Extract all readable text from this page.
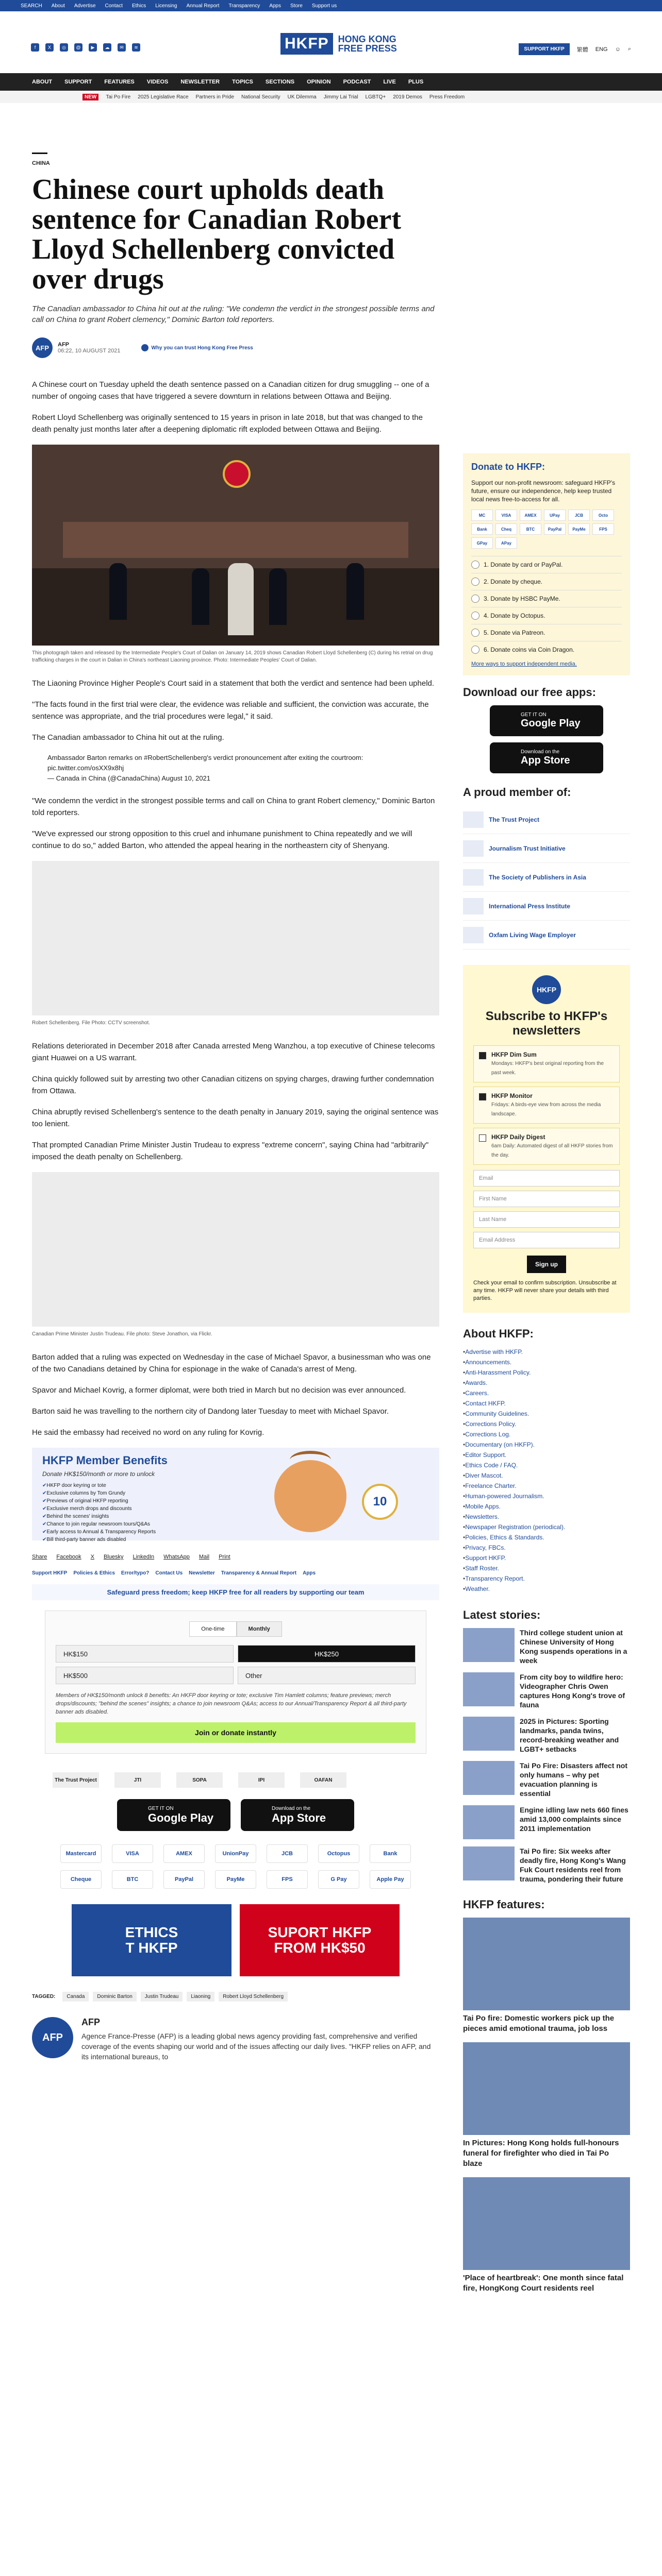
SEARCH About Advertise Contact Ethics Licensing Annual Report Transparency Apps Store Support us
f	X	◎	@	▶	☁	✉	≋	HKFP	HONG KONG
FREE PRESS	SUPPORT HKFP	繁體 ENG ☺ ⌕
ABOUT SUPPORT FEATURES VIDEOS NEWSLETTER TOPICS SECTIONS OPINION PODCAST LIVE PLUS
NEW	Tai Po Fire 2025 Legislative Race Partners in Pride National Security UK Dilemma Jimmy Lai Trial LGBTQ+ 2019 Demos Press Freedom
CHINA
Chinese court upholds death sentence for Canadian Robert Lloyd Schellenberg convicted over drugs
The Canadian ambassador to China hit out at the ruling: "We condemn the verdict in the strongest possible terms and call on China to grant Robert clemency," Dominic Barton told reporters.
AFP	AFP
06:22, 10 AUGUST 2021	Why you can trust Hong Kong Free Press

A Chinese court on Tuesday upheld the death sentence passed on a Canadian citizen for drug smuggling -- one of a number of ongoing cases that have triggered a severe downturn in relations between Ottawa and Beijing.

Robert Lloyd Schellenberg was originally sentenced to 15 years in prison in late 2018, but that was changed to the death penalty just months later after a deepening diplomatic rift exploded between Ottawa and Beijing.

This photograph taken and released by the Intermediate People's Court of Dalian on January 14, 2019 shows Canadian Robert Lloyd Schellenberg (C) during his retrial on drug trafficking charges in the court in Dalian in China's northeast Liaoning province. Photo: Intermediate Peoples' Court of Dalian.

The Liaoning Province Higher People's Court said in a statement that both the verdict and sentence had been upheld.

"The facts found in the first trial were clear, the evidence was reliable and sufficient, the conviction was accurate, the sentence was appropriate, and the trial procedures were legal," it said.

The Canadian ambassador to China hit out at the ruling.

Ambassador Barton remarks on #RobertSchellenberg's verdict pronouncement after exiting the courtroom: pic.twitter.com/osXX9x8hj
— Canada in China (@CanadaChina) August 10, 2021

"We condemn the verdict in the strongest possible terms and call on China to grant Robert clemency," Dominic Barton told reporters.

"We've expressed our strong opposition to this cruel and inhumane punishment to China repeatedly and we will continue to do so," added Barton, who attended the appeal hearing in the northeastern city of Shenyang.

Robert Schellenberg. File Photo: CCTV screenshot.

Relations deteriorated in December 2018 after Canada arrested Meng Wanzhou, a top executive of Chinese telecoms giant Huawei on a US warrant.

China quickly followed suit by arresting two other Canadian citizens on spying charges, drawing further condemnation from Ottawa.

China abruptly revised Schellenberg's sentence to the death penalty in January 2019, saying the original sentence was too lenient.

That prompted Canadian Prime Minister Justin Trudeau to express "extreme concern", saying China had "arbitrarily" imposed the death penalty on Schellenberg.

Canadian Prime Minister Justin Trudeau. File photo: Steve Jonathon, via Flickr.

Barton added that a ruling was expected on Wednesday in the case of Michael Spavor, a businessman who was one of the two Canadians detained by China for espionage in the wake of Canada's arrest of Meng.

Spavor and Michael Kovrig, a former diplomat, were both tried in March but no decision was ever announced.

Barton said he was travelling to the northern city of Dandong later Tuesday to meet with Michael Spavor.

He said the embassy had received no word on any ruling for Kovrig.

HKFP Member Benefits
Donate HK$150/month or more to unlock
✔ HKFP door keyring or tote
✔ Exclusive columns by Tom Grundy
✔ Previews of original HKFP reporting
✔ Exclusive merch drops and discounts
✔ Behind the scenes' insights
✔ Chance to join regular newsroom tours/Q&As
✔ Early access to Annual & Transparency Reports
✔ Bill third-party banner ads disabled
10
Share Facebook X Bluesky LinkedIn WhatsApp Mail Print
Support HKFP Policies & Ethics Error/typo? Contact Us Newsletter Transparency & Annual Report Apps
Safeguard press freedom; keep HKFP free for all readers by supporting our team
One-time	Monthly
HK$150	HK$250
HK$500	Other

Members of HK$150/month unlock 8 benefits: An HKFP door keyring or tote; exclusive Tim Hamlett columns; feature previews; merch drops/discounts; "behind the scenes" insights; a chance to join newsroom Q&As; access to our Annual/Transparency Report & all third-party banner ads disabled.

Join or donate instantly
The Trust Project	JTI	SOPA	IPI	OAFAN
GET IT ON
Google Play
Download on the
App Store
Mastercard	VISA	AMEX	UnionPay	JCB	Octopus	Bank
Cheque	BTC	PayPal	PayMe	FPS	G Pay	Apple Pay
ETHICS
T HKFP
SUPORT HKFP
FROM HK$50
TAGGED:	Canada	Dominic Barton	Justin Trudeau	Liaoning	Robert Lloyd Schellenberg
AFP
AFP

Agence France-Presse (AFP) is a leading global news agency providing fast, comprehensive and verified coverage of the events shaping our world and of the issues affecting our daily lives. "HKFP relies on AFP, and its international bureaus, to

Donate to HKFP:

Support our non-profit newsroom: safeguard HKFP's future, ensure our independence, help keep trusted local news free-to-access for all.

MC	VISA	AMEX	UPay	JCB	Octo
Bank	Cheq	BTC	PayPal	PayMe	FPS
GPay	APay
1. Donate by card or PayPal.
2. Donate by cheque.
3. Donate by HSBC PayMe.
4. Donate by Octopus.
5. Donate via Patreon.
6. Donate coins via Coin Dragon.
More ways to support independent media.
Download our free apps:
GET IT ON
Google Play
Download on the
App Store
A proud member of:
The Trust Project
Journalism Trust Initiative
The Society of Publishers in Asia
International Press Institute
Oxfam Living Wage Employer
HKFP
Subscribe to HKFP's newsletters
HKFP Dim Sum
Mondays: HKFP's best original reporting from the past week.
HKFP Monitor
Fridays: A birds-eye view from across the media landscape.
HKFP Daily Digest
6am Daily: Automated digest of all HKFP stories from the day.
Email
First Name
Last Name
Email Address
Sign up

Check your email to confirm subscription. Unsubscribe at any time. HKFP will never share your details with third parties.

About HKFP:
• Advertise with HKFP.
• Announcements.
• Anti-Harassment Policy.
• Awards.
• Careers.
• Contact HKFP.
• Community Guidelines.
• Corrections Policy.
• Corrections Log.
• Documentary (on HKFP).
• Editor Support.
• Ethics Code / FAQ.
• Diver Mascot.
• Freelance Charter.
• Human-powered Journalism.
• Mobile Apps.
• Newsletters.
• Newspaper Registration (periodical).
• Policies, Ethics & Standards.
• Privacy, FBCs.
• Support HKFP.
• Staff Roster.
• Transparency Report.
• Weather.
Latest stories:
Third college student union at Chinese University of Hong Kong suspends operations in a week
From city boy to wildfire hero: Videographer Chris Owen captures Hong Kong's trove of fauna
2025 in Pictures: Sporting landmarks, panda twins, record-breaking weather and LGBT+ setbacks
Tai Po Fire: Disasters affect not only humans – why pet evacuation planning is essential
Engine idling law nets 660 fines amid 13,000 complaints since 2011 implementation
Tai Po fire: Six weeks after deadly fire, Hong Kong's Wang Fuk Court residents reel from trauma, pondering their future
HKFP features:
Tai Po fire: Domestic workers pick up the pieces amid emotional trauma, job loss
In Pictures: Hong Kong holds full-honours funeral for firefighter who died in Tai Po blaze
'Place of heartbreak': One month since fatal fire, HongKong Court residents reel
